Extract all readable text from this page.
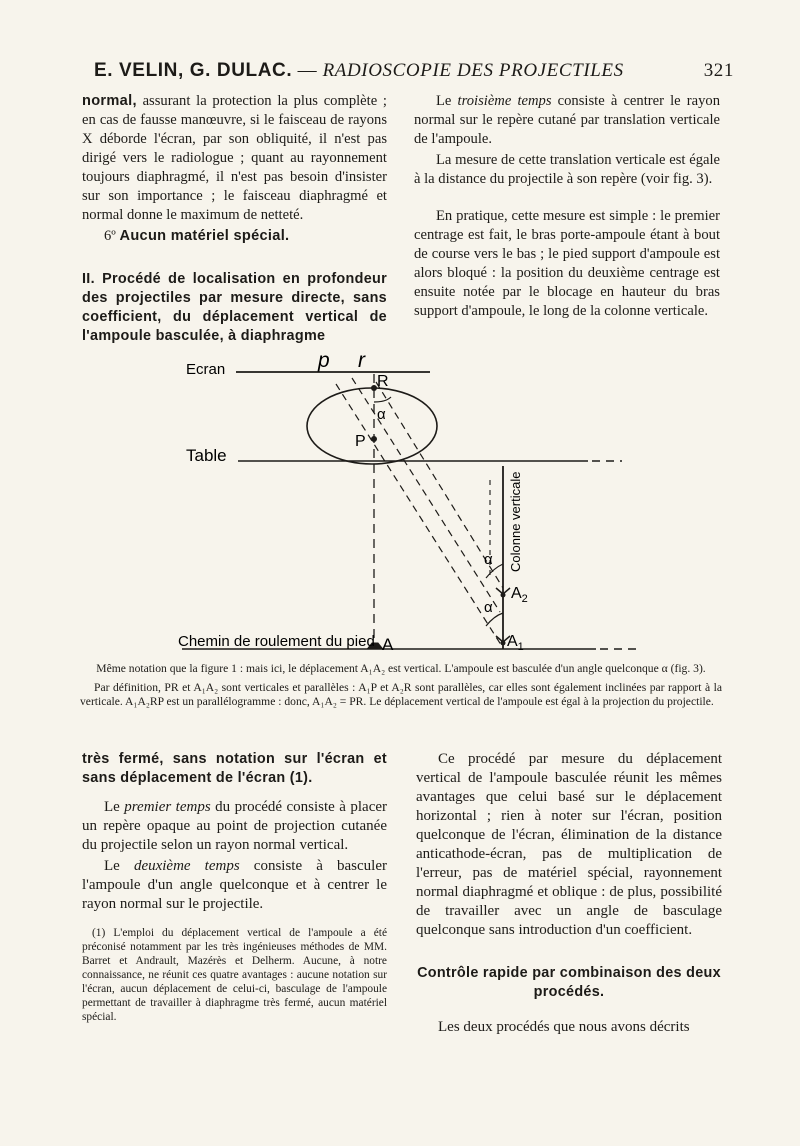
E. VELIN, G. DULAC. — RADIOSCOPIE DES PROJECTILES	321

normal, assurant la protection la plus complète ; en cas de fausse manœuvre, si le faisceau de rayons X déborde l'écran, par son obliquité, il n'est pas dirigé vers le radiologue ; quant au rayonnement toujours diaphragmé, il n'est pas besoin d'insister sur son importance ; le faisceau diaphragmé et normal donne le maximum de netteté.

6º Aucun matériel spécial.

II. Procédé de localisation en profondeur des projectiles par mesure directe, sans coefficient, du déplacement vertical de l'ampoule basculée, à diaphragme

Le troisième temps consiste à centrer le rayon normal sur le repère cutané par translation verticale de l'ampoule.

La mesure de cette translation verticale est égale à la distance du projectile à son repère (voir fig. 3).

En pratique, cette mesure est simple : le premier centrage est fait, le bras porte-ampoule étant à bout de course vers le bas ; le pied support d'ampoule est alors bloqué : la position du deuxième centrage est ensuite notée par le blocage en hauteur du bras support d'ampoule, le long de la colonne verticale.

Ecran
Table
Chemin de roulement du pied
p r
R
P
A
α
α
α
$A_2$
$A_1$
Colonne verticale

Même notation que la figure 1 : mais ici, le déplacement A₁A₂ est vertical. L'ampoule est basculée d'un angle quelconque α (fig. 3).

Par définition, PR et A₁A₂ sont verticales et parallèles : A₁P et A₂R sont parallèles, car elles sont également inclinées par rapport à la verticale. A₁A₂RP est un parallélogramme : donc, A₁A₂ = PR. Le déplacement vertical de l'ampoule est égal à la projection du projectile.

très fermé, sans notation sur l'écran et sans déplacement de l'écran (1).

Le premier temps du procédé consiste à placer un repère opaque au point de projection cutanée du projectile selon un rayon normal vertical.

Le deuxième temps consiste à basculer l'ampoule d'un angle quelconque et à centrer le rayon normal sur le projectile.

(1) L'emploi du déplacement vertical de l'ampoule a été préconisé notamment par les très ingénieuses méthodes de MM. Barret et Andrault, Mazérès et Delherm. Aucune, à notre connaissance, ne réunit ces quatre avantages : aucune notation sur l'écran, aucun déplacement de celui-ci, basculage de l'ampoule permettant de travailler à diaphragme très fermé, aucun matériel spécial.

Ce procédé par mesure du déplacement vertical de l'ampoule basculée réunit les mêmes avantages que celui basé sur le déplacement horizontal ; rien à noter sur l'écran, position quelconque de l'écran, élimination de la distance anticathode-écran, pas de multiplication de l'erreur, pas de matériel spécial, rayonnement normal diaphragmé et oblique : de plus, possibilité de travailler avec un angle de basculage quelconque sans introduction d'un coefficient.

Contrôle rapide par combinaison des deux procédés.

Les deux procédés que nous avons décrits
